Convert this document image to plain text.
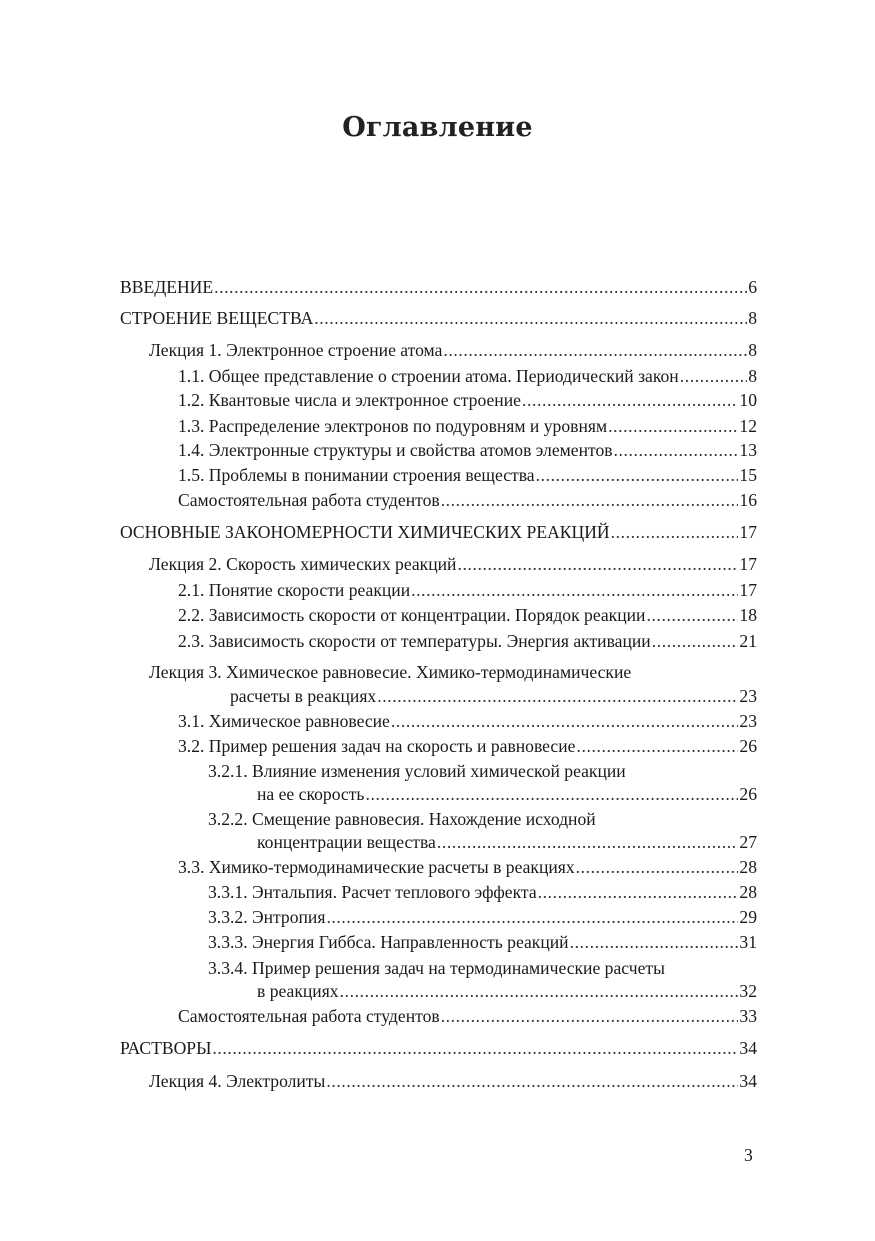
Оглавление
ВВЕДЕНИЕ .....	6
СТРОЕНИЕ ВЕЩЕСТВА .....	8
Лекция 1. Электронное строение атома .....	8
1.1. Общее представление о строении атома. Периодический закон .....	8
1.2. Квантовые числа и электронное строение .....	10
1.3. Распределение электронов по подуровням и уровням .....	12
1.4. Электронные структуры и свойства атомов элементов .....	13
1.5. Проблемы в понимании строения вещества .....	15
Самостоятельная работа студентов .....	16
ОСНОВНЫЕ ЗАКОНОМЕРНОСТИ ХИМИЧЕСКИХ РЕАКЦИЙ .....	17
Лекция 2. Скорость химических реакций .....	17
2.1. Понятие скорости реакции .....	17
2.2. Зависимость скорости от концентрации. Порядок реакции .....	18
2.3. Зависимость скорости от температуры. Энергия активации .....	21
Лекция 3. Химическое равновесие. Химико-термодинамические
расчеты в реакциях .....	23
3.1. Химическое равновесие .....	23
3.2. Пример решения задач на скорость и равновесие .....	26
3.2.1. Влияние изменения условий химической реакции
на ее скорость .....	26
3.2.2. Смещение равновесия. Нахождение исходной
концентрации вещества .....	27
3.3. Химико-термодинамические расчеты в реакциях .....	28
3.3.1. Энтальпия. Расчет теплового эффекта .....	28
3.3.2. Энтропия .....	29
3.3.3. Энергия Гиббса. Направленность реакций .....	31
3.3.4. Пример решения задач на термодинамические расчеты
в реакциях .....	32
Самостоятельная работа студентов .....	33
РАСТВОРЫ .....	34
Лекция 4. Электролиты .....	34
3
